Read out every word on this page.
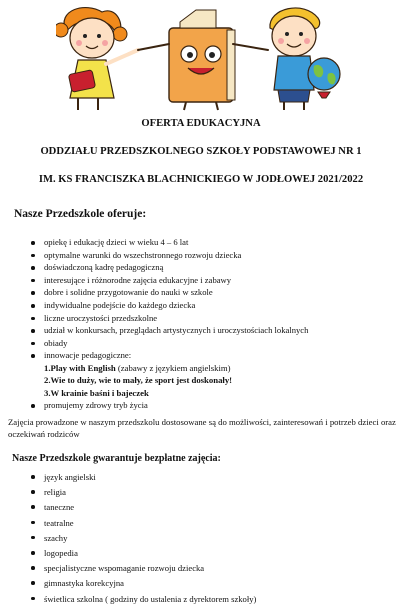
OFERTA EDUKACYJNA
ODDZIAŁU PRZEDSZKOLNEGO SZKOŁY PODSTAWOWEJ NR 1
IM. KS FRANCISZKA BLACHNICKIEGO W JODŁOWEJ 2021/2022
Nasze Przedszkole oferuje:
opiekę i edukację dzieci w wieku 4 – 6 lat
optymalne warunki do wszechstronnego rozwoju dziecka
doświadczoną kadrę pedagogiczną
interesujące i różnorodne zajęcia edukacyjne i zabawy
dobre i solidne przygotowanie do nauki w szkole
indywidualne podejście do każdego dziecka
liczne uroczystości przedszkolne
udział w konkursach, przeglądach artystycznych i uroczystościach lokalnych
obiady
innowacje pedagogiczne:
1.Play with English (zabawy z językiem angielskim)
2.Wie to duży, wie to mały, że sport jest doskonały!
3.W krainie baśni i bajeczek
promujemy zdrowy tryb życia
Zajęcia prowadzone w naszym przedszkolu dostosowane są do możliwości, zainteresowań i potrzeb dzieci oraz oczekiwań rodziców
Nasze Przedszkole gwarantuje bezpłatne zajęcia:
język angielski
religia
taneczne
teatralne
szachy
logopedia
specjalistyczne wspomaganie rozwoju dziecka
gimnastyka korekcyjna
świetlica szkolna ( godziny do ustalenia z dyrektorem szkoły)
